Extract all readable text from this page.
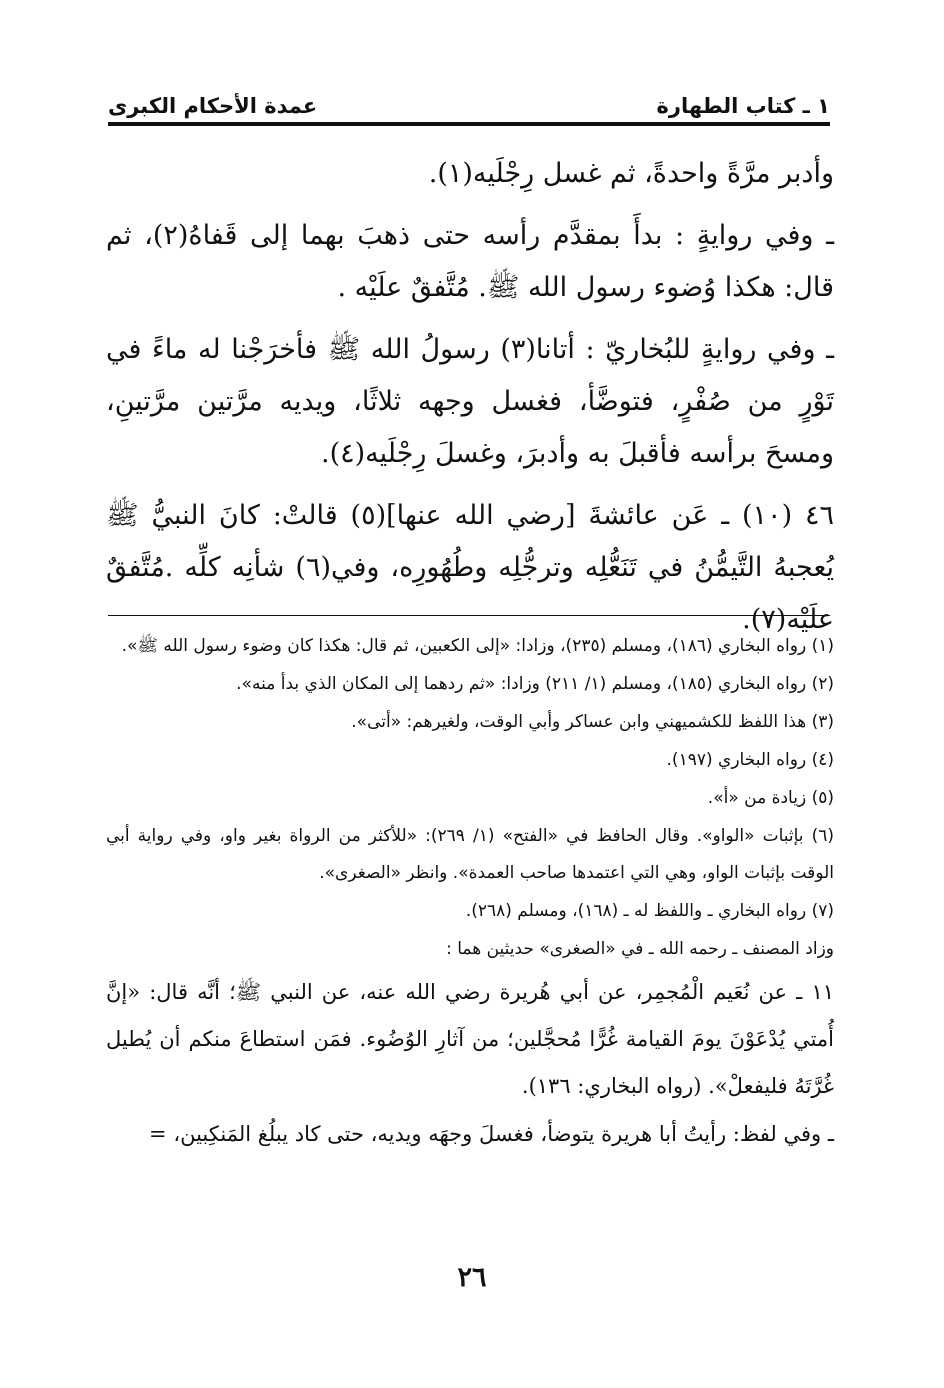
١ ـ كتاب الطهارة
عمدة الأحكام الكبرى

وأدبر مرَّةً واحدةً، ثم غسل رِجْلَيه(١).

ـ وفي روايةٍ : بدأَ بمقدَّم رأسه حتى ذهبَ بهما إلى قَفاهُ(٢)، ثم قال: هكذا وُضوء رسول الله ﷺ. مُتَّفقٌ علَيْه .

ـ وفي روايةٍ للبُخاريّ : أتانا(٣) رسولُ الله ﷺ فأخرَجْنا له ماءً في تَوْرٍ من صُفْرٍ، فتوضَّأ، فغسل وجهه ثلاثًا، ويديه مرَّتين مرَّتينِ، ومسحَ برأسه فأقبلَ به وأدبرَ، وغسلَ رِجْلَيه(٤).

٤٦ (١٠) ـ عَن عائشةَ [رضي الله عنها](٥) قالتْ: كانَ النبيُّ ﷺ يُعجبهُ التَّيمُّنُ في تَنَعُّلِه وترجُّلِه وطُهُورِه، وفي(٦) شأنِه كلِّه .مُتَّفقٌ علَيْه(٧).

(١) رواه البخاري (١٨٦)، ومسلم (٢٣٥)، وزادا: «إلى الكعبين، ثم قال: هكذا كان وضوء رسول الله ﷺ».

(٢) رواه البخاري (١٨٥)، ومسلم (١/ ٢١١) وزادا: «ثم ردهما إلى المكان الذي بدأ منه».

(٣) هذا اللفظ للكشميهني وابن عساكر وأبي الوقت، ولغيرهم: «أتى».

(٤) رواه البخاري (١٩٧).

(٥) زيادة من «أ».

(٦) بإثبات «الواو». وقال الحافظ في «الفتح» (١/ ٢٦٩): «للأكثر من الرواة بغير واو، وفي رواية أبي الوقت بإثبات الواو، وهي التي اعتمدها صاحب العمدة». وانظر «الصغرى».

(٧) رواه البخاري ـ واللفظ له ـ (١٦٨)، ومسلم (٢٦٨).

وزاد المصنف ـ رحمه الله ـ في «الصغرى» حديثين هما :

١١ ـ عن نُعَيم الْمُجمِر، عن أبي هُريرة رضي الله عنه، عن النبي ﷺ؛ أنَّه قال: «إنَّ أُمتي يُدْعَوْنَ يومَ القيامة غُرًّا مُحجَّلين؛ من آثارِ الوُضُوء. فمَن استطاعَ منكم أن يُطيل غُرَّتَهُ فليفعلْ». (رواه البخاري: ١٣٦).

ـ وفي لفظ: رأيتُ أبا هريرة يتوضأ، فغسلَ وجهَه ويديه، حتى كاد يبلُغ المَنكِبين، =

٢٦
